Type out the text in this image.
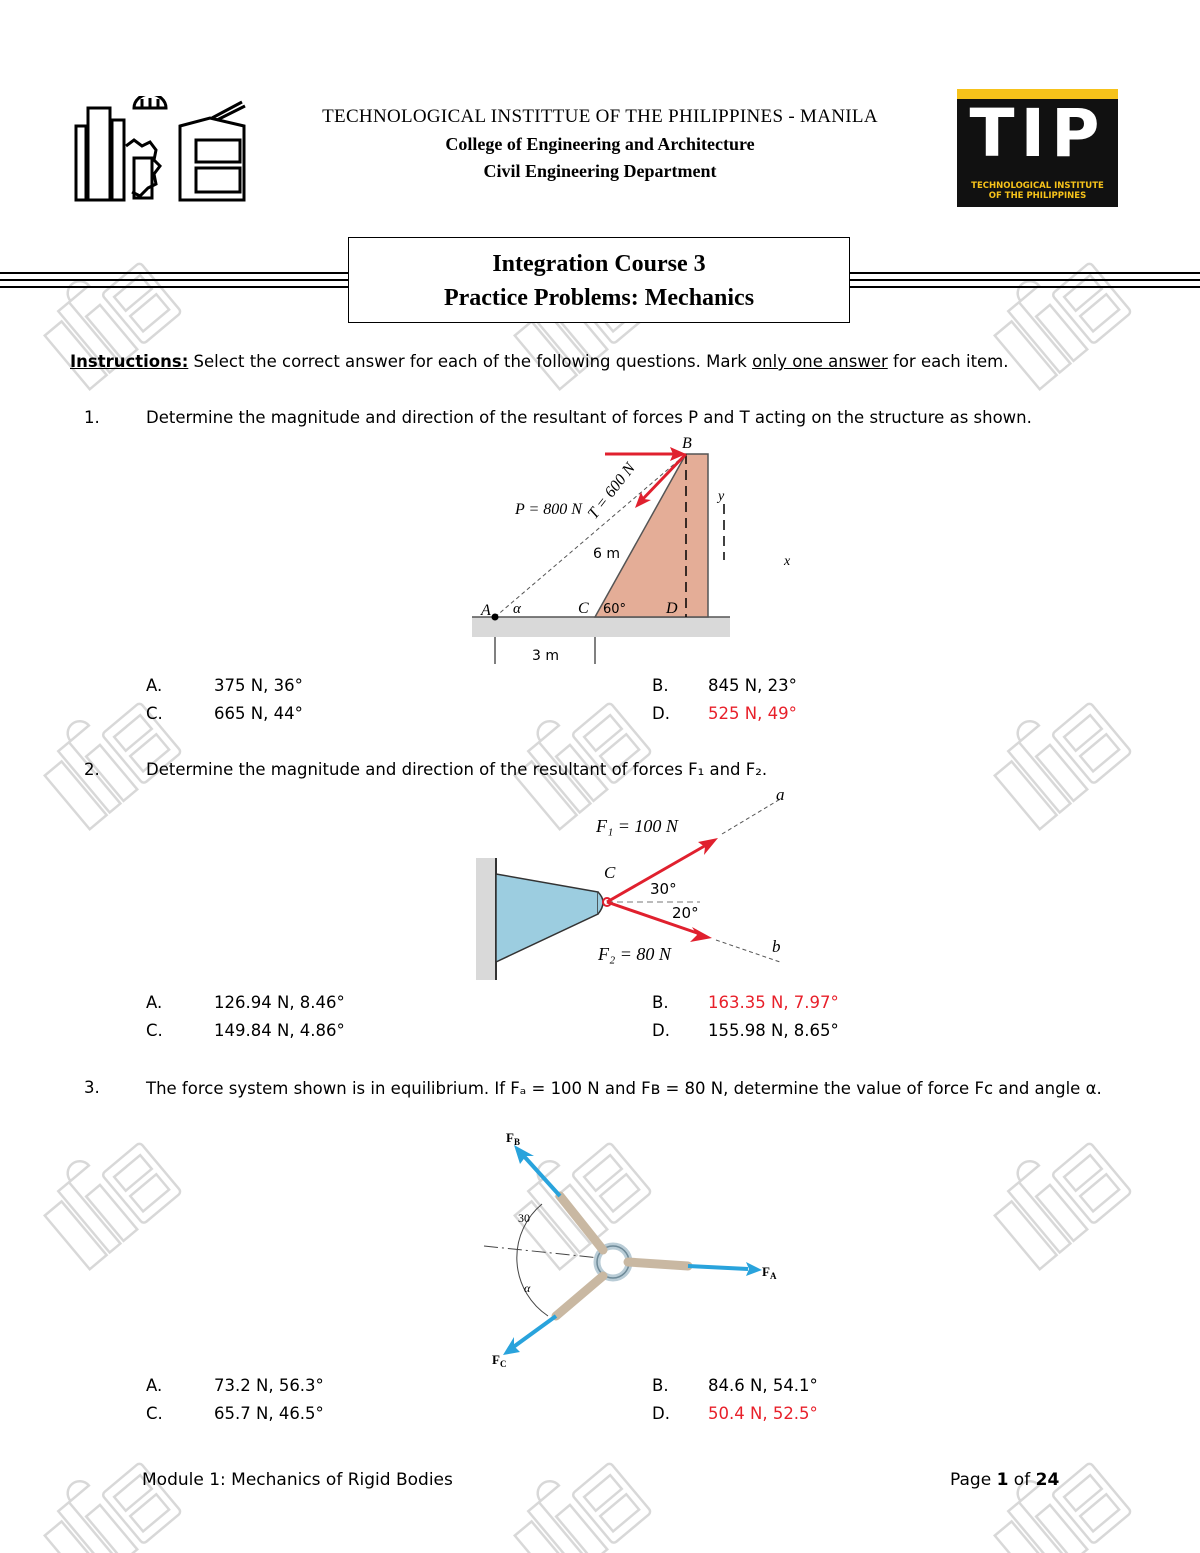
TECHNOLOGICAL INSTITTUE OF THE PHILIPPINES - MANILA
College of Engineering and Architecture
Civil Engineering Department	TIP
TECHNOLOGICAL INSTITUTE OF THE PHILIPPINES
Integration Course 3
Practice Problems: Mechanics
Instructions: Select the correct answer for each of the following questions. Mark only one answer for each item.
1.	Determine the magnitude and direction of the resultant of forces P and T acting on the structure as shown.
P = 800 N
B
T = 600 N	y
x
6 m
A α	C 60° D
3 m
A.	375 N, 36°	B. 845 N, 23°
C.	665 N, 44°	D. 525 N, 49°
2.	Determine the magnitude and direction of the resultant of forces F₁ and F₂.
F₁ = 100 N
F₂ = 80 N
C
a
b
30°
20°
A.	126.94 N, 8.46°	B. 163.35 N, 7.97°
C.	149.84 N, 4.86°	D. 155.98 N, 8.65°
3.	The force system shown is in equilibrium. If Fₐ = 100 N and Fʙ = 80 N, determine the value of force Fᴄ and angle α.
$F_B$
$F_A$
$F_C$
30
α
A.	73.2 N, 56.3°	B. 84.6 N, 54.1°
C.	65.7 N, 46.5°	D. 50.4 N, 52.5°
Module 1: Mechanics of Rigid Bodies	Page 1 of 24
